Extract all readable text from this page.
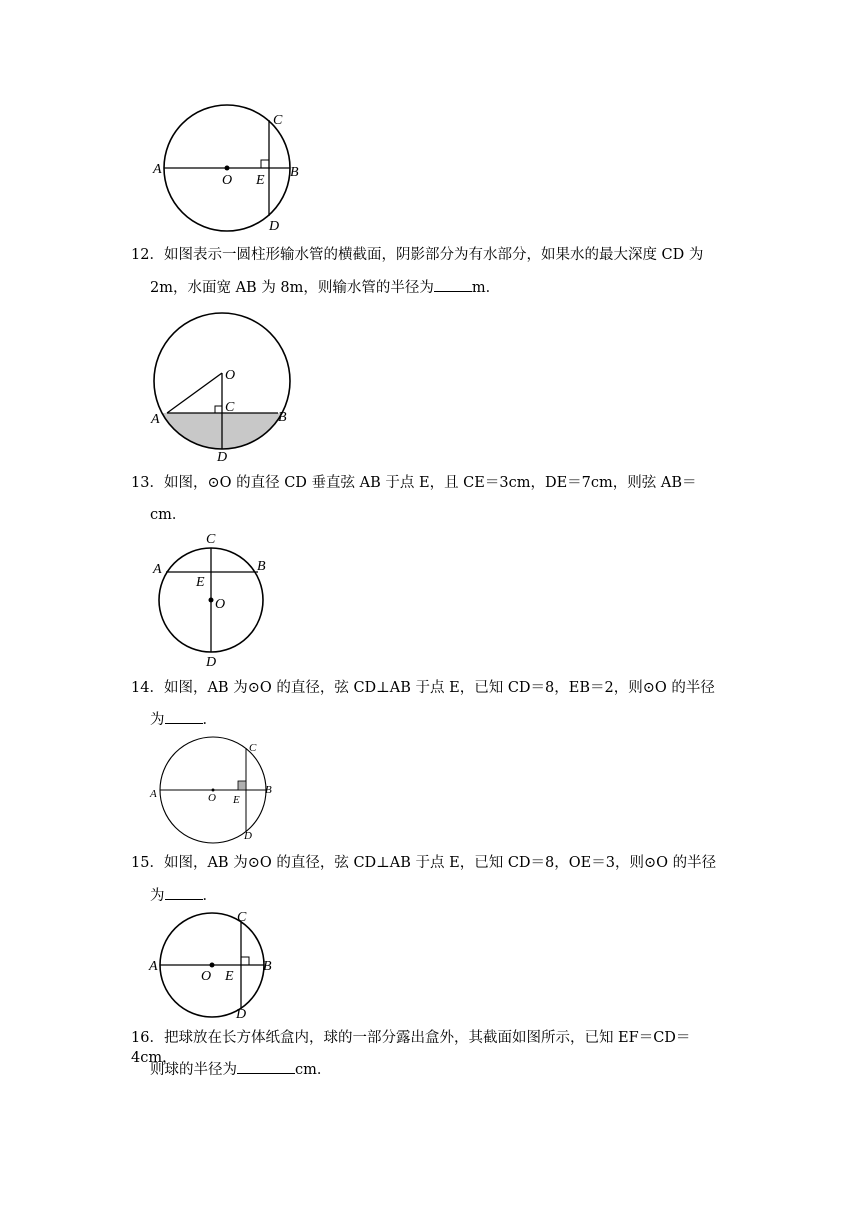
A
O E
B
C
D
12．如图表示一圆柱形输水管的横截面，阴影部分为有水部分，如果水的最大深度 CD 为
2m，水面宽 AB 为 8m，则输水管的半径为	m．
O
C
A	B
D
13．如图，⊙O 的直径 CD 垂直弦 AB 于点 E，且 CE＝3cm，DE＝7cm，则弦 AB＝
cm．
C
A	B
E
O
D
14．如图，AB 为⊙O 的直径，弦 CD⊥AB 于点 E，已知 CD＝8，EB＝2，则⊙O 的半径
为	．
A	O E
B
C
D
15．如图，AB 为⊙O 的直径，弦 CD⊥AB 于点 E，已知 CD＝8，OE＝3，则⊙O 的半径
为	．
A
O E
B
C
D
16．把球放在长方体纸盒内，球的一部分露出盒外，其截面如图所示，已知 EF＝CD＝4cm，
则球的半径为	cm．
